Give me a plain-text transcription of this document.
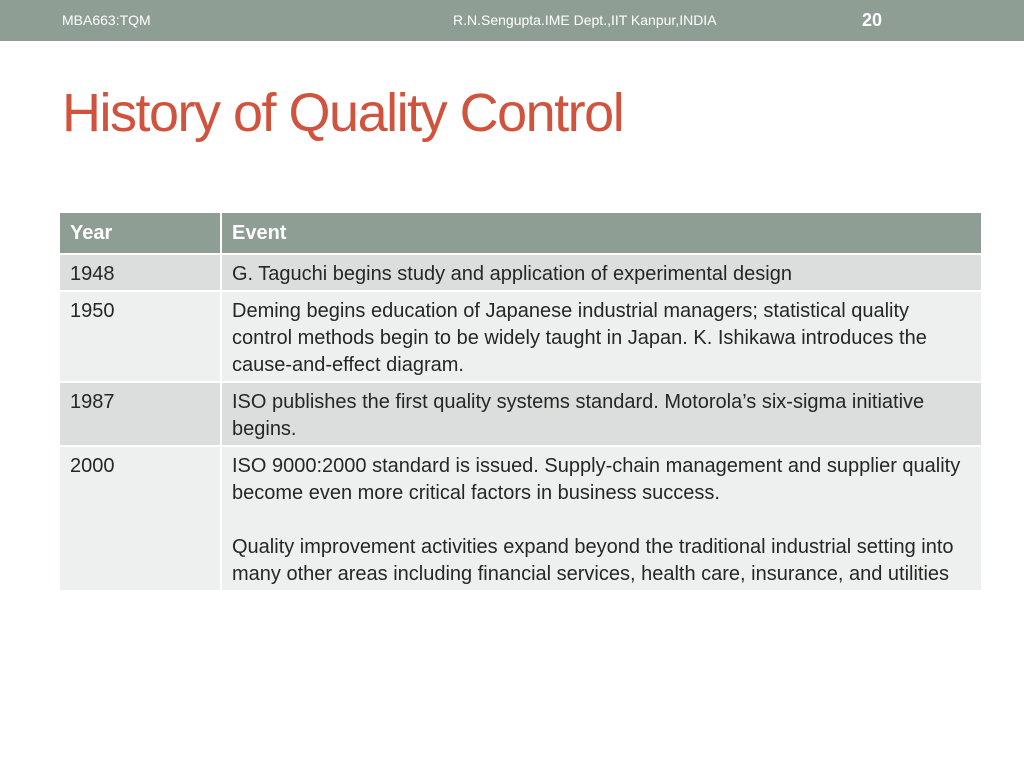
MBA663:TQM	R.N.Sengupta.IME Dept.,IIT Kanpur,INDIA	20
History of Quality Control
Year	Event
1948	G. Taguchi begins study and application of experimental design

1950	Deming begins education of Japanese industrial managers; statistical quality control methods begin to be widely taught in Japan. K. Ishikawa introduces the cause-and-effect diagram.

1987	ISO publishes the first quality systems standard. Motorola’s six-sigma initiative begins.

2000	ISO 9000:2000 standard is issued. Supply-chain management and supplier quality become even more critical factors in business success.
Quality improvement activities expand beyond the traditional industrial setting into many other areas including financial services, health care, insurance, and utilities
